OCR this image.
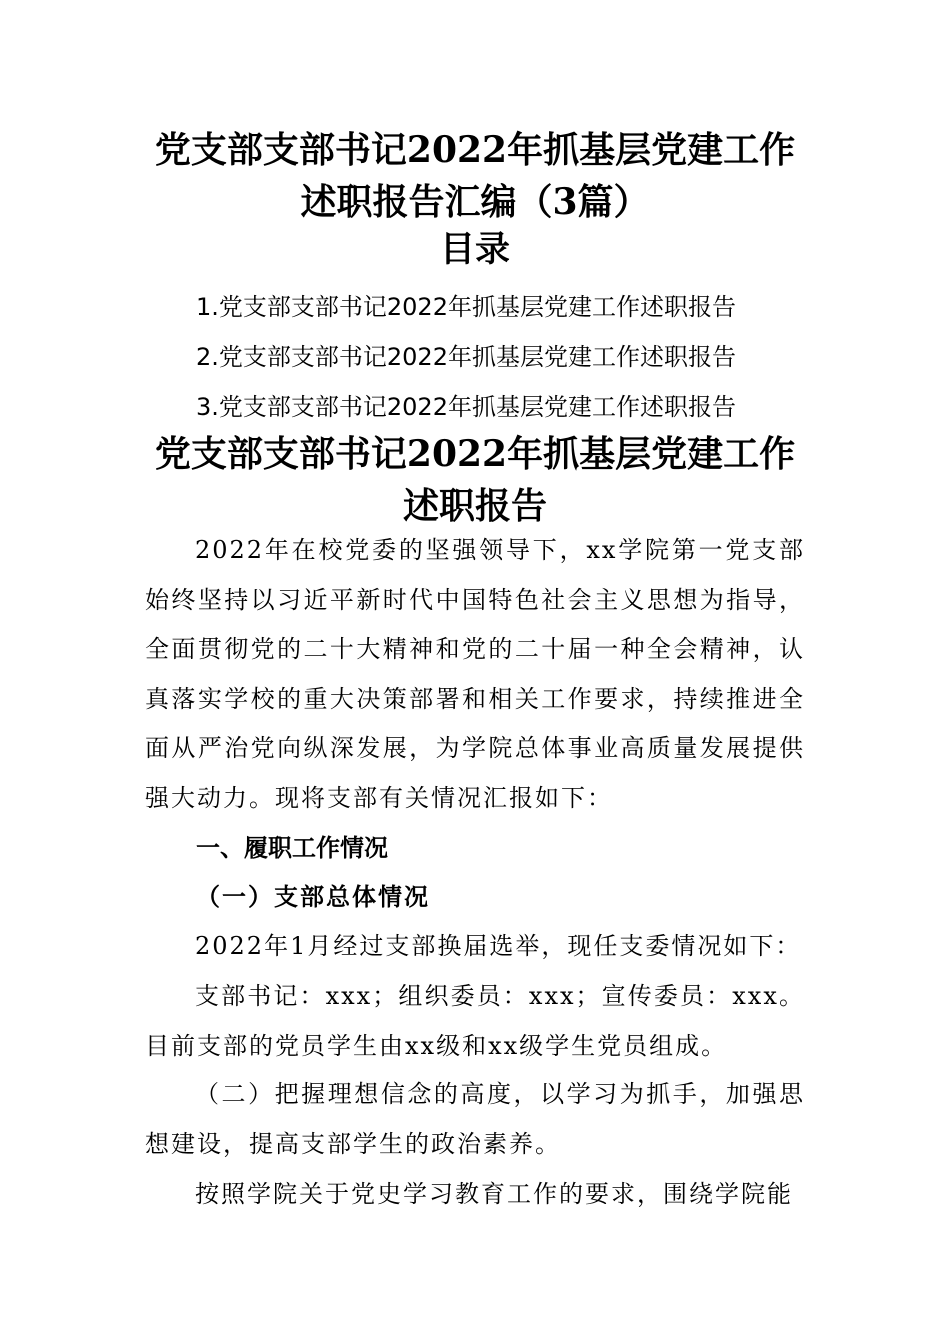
党支部支部书记2022年抓基层党建工作述职报告汇编（3篇）
目录
1.党支部支部书记2022年抓基层党建工作述职报告
2.党支部支部书记2022年抓基层党建工作述职报告
3.党支部支部书记2022年抓基层党建工作述职报告
党支部支部书记2022年抓基层党建工作述职报告

2022年在校党委的坚强领导下，xx学院第一党支部始终坚持以习近平新时代中国特色社会主义思想为指导，全面贯彻党的二十大精神和党的二十届一种全会精神，认真落实学校的重大决策部署和相关工作要求，持续推进全面从严治党向纵深发展，为学院总体事业高质量发展提供强大动力。现将支部有关情况汇报如下：

一、履职工作情况
（一）支部总体情况

2022年1月经过支部换届选举，现任支委情况如下：

支部书记：xxx；组织委员：xxx；宣传委员：xxx。目前支部的党员学生由xx级和xx级学生党员组成。

（二）把握理想信念的高度，以学习为抓手，加强思想建设，提高支部学生的政治素养。

按照学院关于党史学习教育工作的要求，围绕学院能
